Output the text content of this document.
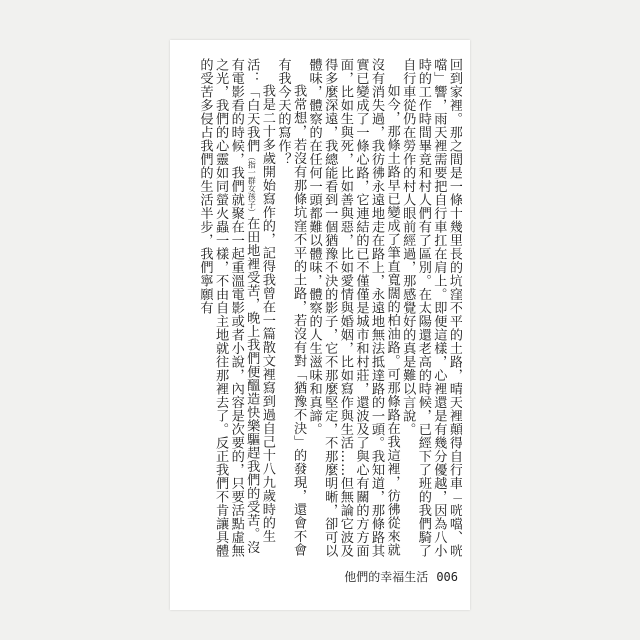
回到家裡。那之間是一條十幾里長的坑窪不平的土路，晴天裡顛得自行車「咣噹、咣噹」響，雨天裡需要把自行車扛在肩上。即便這樣，心裡還是有幾分優越，因為八小時的工作時間畢竟和村人們有了區別。在太陽還老高的時候，已經下了班的我們騎了自行車從仍在勞作的村人眼前經過，那感覺好的真是難以言說。

如今，那條土路早已變成了筆直寬闊的柏油路。可那條路在我這裡，彷彿從來就沒有消失過，我彷彿永遠地走在路上，永遠地無法抵達路的一頭。我知道，那條路其實已變成了一條心路，它連結的已不僅僅是城市和村莊，還波及了與心有關的方方面面，比如生與死，比如善與惡，比如愛情與婚姻，比如寫作與生活……但無論它波及得多麼深遠，我總能看到一個猶豫不決的影子，它不那麼堅定，不那麼明晰，卻可以體味，體察的在任何一頭都難以體味，體察的人生滋味和真諦。

我常想，若沒有那條坑窪不平的土路，若沒有對「猶豫不決」的發現，還會不會有我今天的寫作？

我是二十多歲開始寫作的，記得我曾在一篇散文裡寫到過自己十八九歲時的生活：「白天我們（指一群女孩子）在田地裡受苦，晚上我們便醞造快樂驅趕我們的受苦。沒有電影看的時候，我們就聚在一起重溫電影或者小說，內容是次要的，只要活點虛無之光，我們的心靈如同螢火蟲一樣，不由自主地就往那裡去了。反正我們不肯讓具體的受苦多侵占我們的生活半步，我們寧願有

他們的幸福生活 006
